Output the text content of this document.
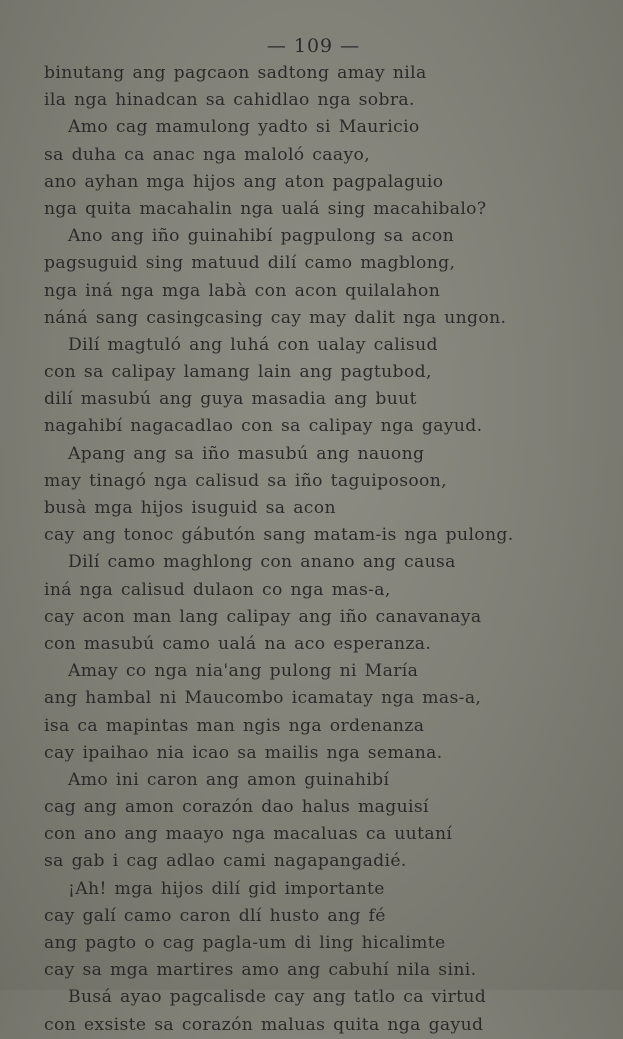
— 109 —
binutang ang pagcaon sadtong amay nila
ila nga hinadcan sa cahidlao nga sobra.
Amo cag mamulong yadto si Mauricio
sa duha ca anac nga maloló caayo,
ano ayhan mga hijos ang aton pagpalaguio
nga quita macahalin nga ualá sing macahibalo?
Ano ang iño guinahibí pagpulong sa acon
pagsuguid sing matuud dilí camo magblong,
nga iná nga mga labà con acon quilalahon
náná sang casingcasing cay may dalit nga ungon.
Dilí magtuló ang luhá con ualay calisud
con sa calipay lamang lain ang pagtubod,
dilí masubú ang guya masadia ang buut
nagahibí nagacadlao con sa calipay nga gayud.
Apang ang sa iño masubú ang nauong
may tinagó nga calisud sa iño taguiposoon,
busà mga hijos isuguid sa acon
cay ang tonoc gábutón sang matam-is nga pulong.
Dilí camo maghlong con anano ang causa
iná nga calisud dulaon co nga mas-a,
cay acon man lang calipay ang iño canavanaya
con masubú camo ualá na aco esperanza.
Amay co nga nia'ang pulong ni María
ang hambal ni Maucombo icamatay nga mas-a,
isa ca mapintas man ngis nga ordenanza
cay ipaihao nia icao sa mailis nga semana.
Amo ini caron ang amon guinahibí
cag ang amon corazón dao halus maguisí
con ano ang maayo nga macaluas ca uutaní
sa gab i cag adlao cami nagapangadié.
¡Ah! mga hijos dilí gid importante
cay galí camo caron dlí husto ang fé
ang pagto o cag pagla-um di ling hicalimte
cay sa mga martires amo ang cabuhí nila sini.
Busá ayao pagcalisde cay ang tatlo ca virtud
con exsiste sa corazón maluas quita nga gayud
